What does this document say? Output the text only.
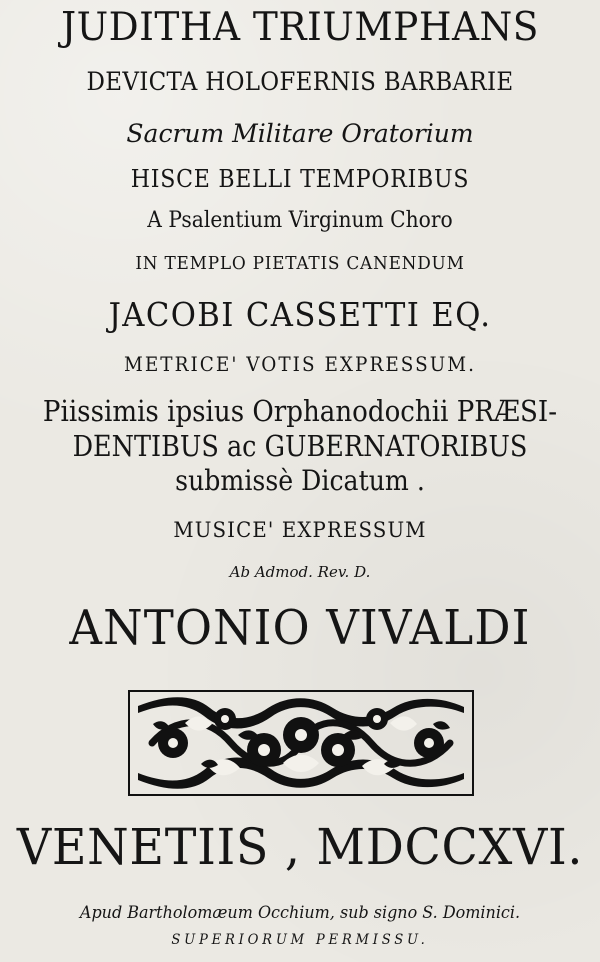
JUDITHA TRIUMPHANS
DEVICTA HOLOFERNIS BARBARIE
Sacrum Militare Oratorium
HISCE BELLI TEMPORIBUS
A Psalentium Virginum Choro
IN TEMPLO PIETATIS CANENDUM
JACOBI CASSETTI EQ.
METRICE' VOTIS EXPRESSUM.
Piissimis ipsius Orphanodochii PRÆSI-
DENTIBUS ac GUBERNATORIBUS
submissè Dicatum .
MUSICE' EXPRESSUM
Ab Admod. Rev. D.
ANTONIO VIVALDI
VENETIIS , MDCCXVI.
Apud Bartholomæum Occhium, sub signo S. Dominici.
SUPERIORUM PERMISSU.
